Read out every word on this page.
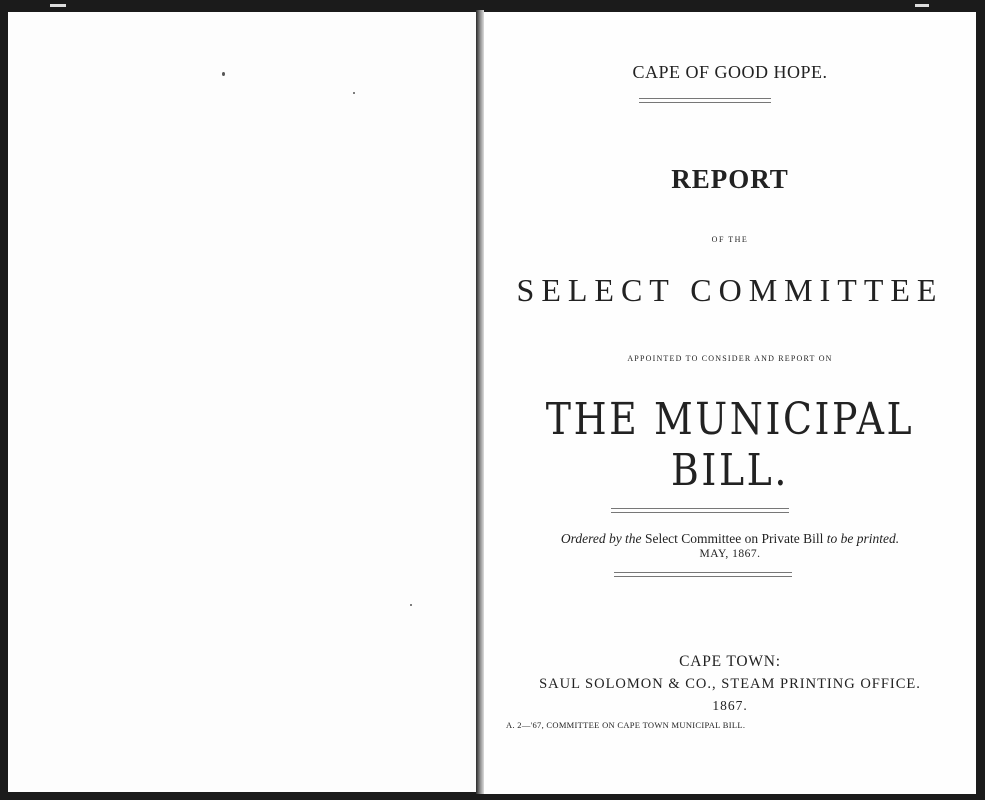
CAPE OF GOOD HOPE.
REPORT
OF THE
SELECT COMMITTEE
APPOINTED TO CONSIDER AND REPORT ON
THE MUNICIPAL BILL.
Ordered by the Select Committee on Private Bill to be printed.
MAY, 1867.
CAPE TOWN:
SAUL SOLOMON & CO., STEAM PRINTING OFFICE.
1867.
A. 2—'67, COMMITTEE ON CAPE TOWN MUNICIPAL BILL.
